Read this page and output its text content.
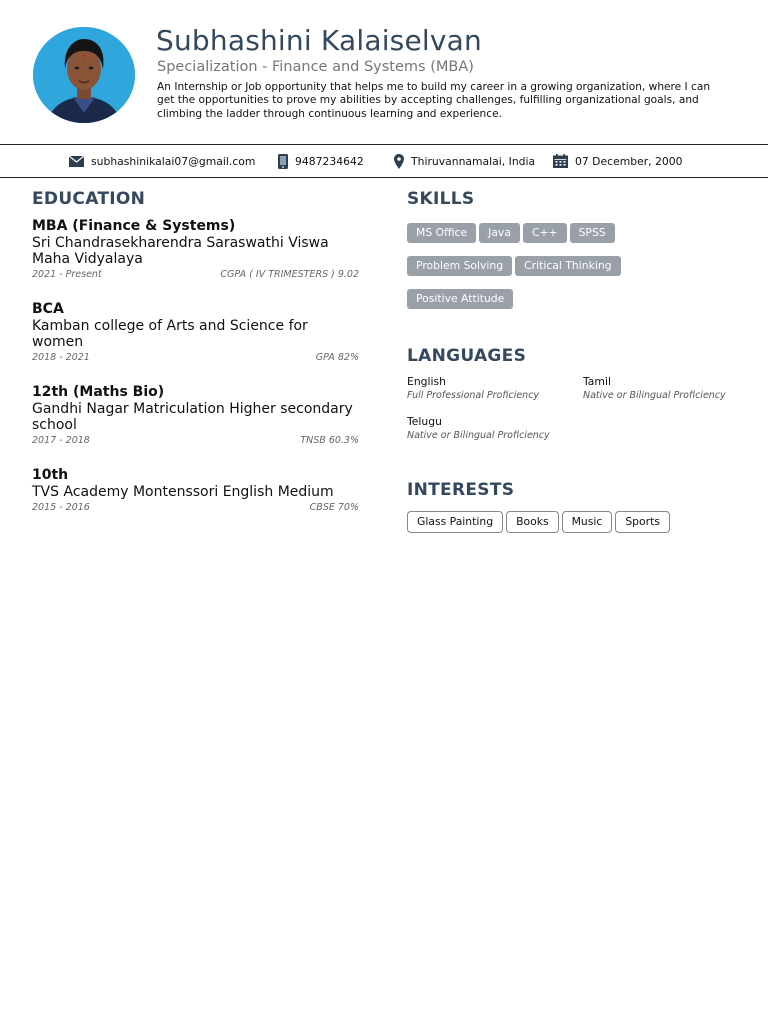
Subhashini Kalaiselvan
Specialization - Finance and Systems (MBA)
An Internship or Job opportunity that helps me to build my career in a growing organization, where I can get the opportunities to prove my abilities by accepting challenges, fulfilling organizational goals, and climbing the ladder through continuous learning and experience.
subhashinikalai07@gmail.com	9487234642	Thiruvannamalai, India	07 December, 2000
EDUCATION
MBA (Finance & Systems)
Sri Chandrasekharendra Saraswathi Viswa Maha Vidyalaya
2021 - Present	CGPA ( IV TRIMESTERS ) 9.02
BCA
Kamban college of Arts and Science for women
2018 - 2021	GPA 82%
12th (Maths Bio)
Gandhi Nagar Matriculation Higher secondary school
2017 - 2018	TNSB 60.3%
10th
TVS Academy Montenssori English Medium
2015 - 2016	CBSE 70%
SKILLS
MS Office Java C++ SPSS
Problem Solving Critical Thinking
Positive Attitude
LANGUAGES
English
Full Professional Proficiency
Tamil
Native or Bilingual Proficiency
Telugu
Native or Bilingual Proficiency
INTERESTS
Glass Painting Books Music Sports
